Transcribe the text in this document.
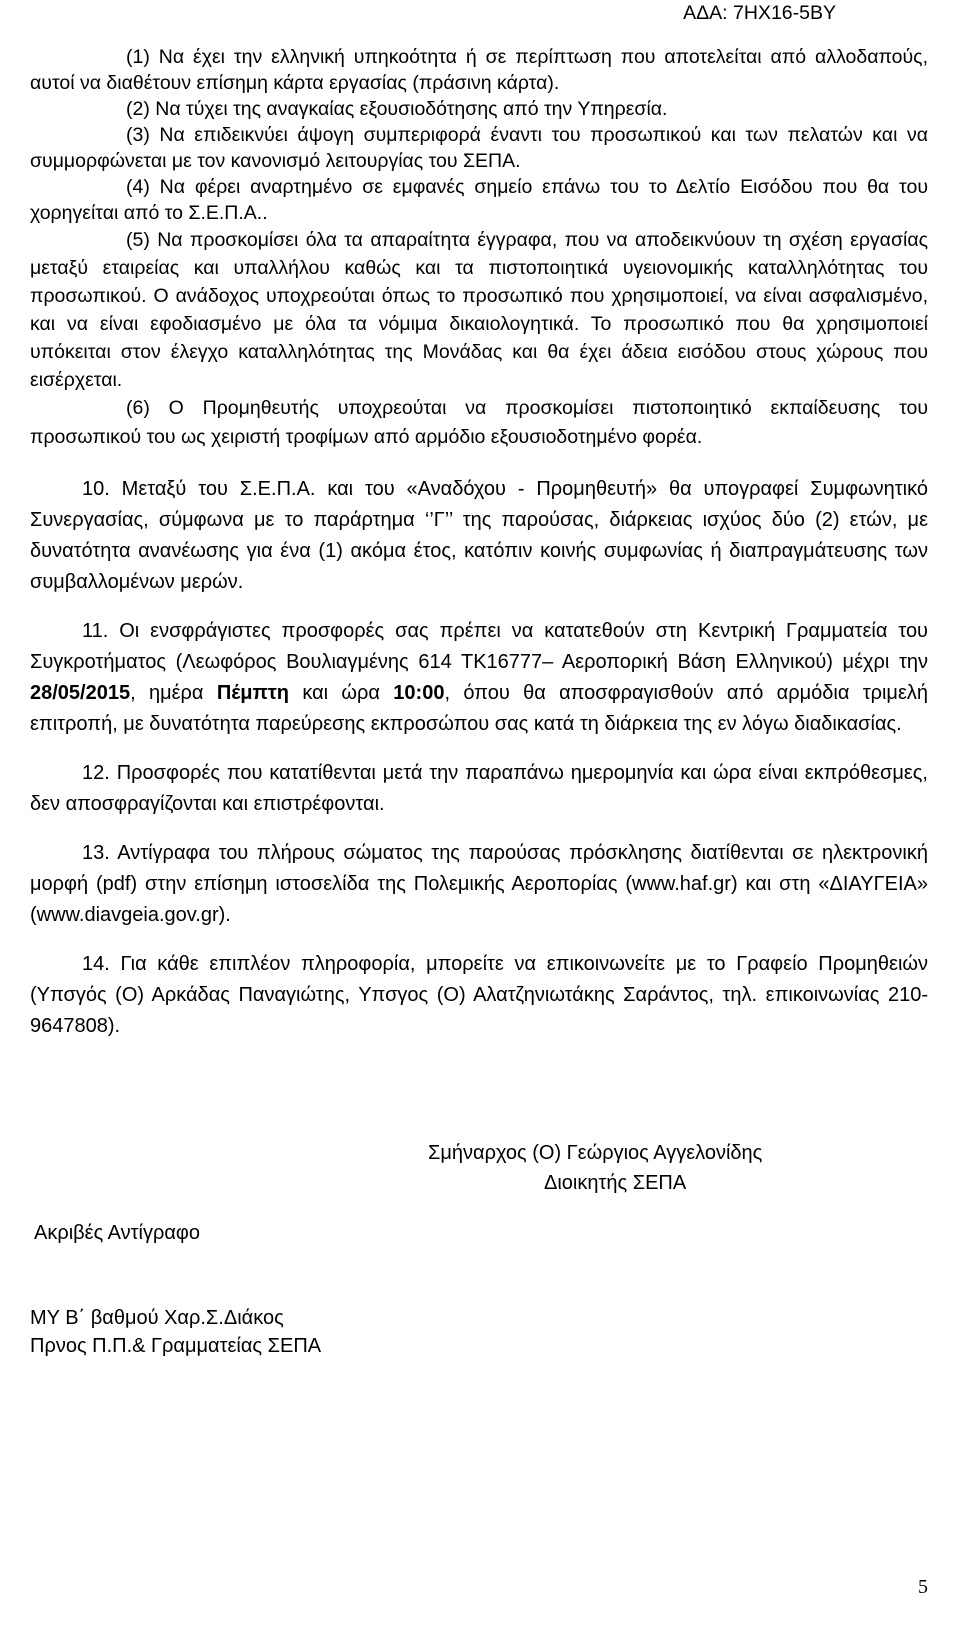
ΑΔΑ: 7ΗΧ16-5ΒΥ

(1) Να έχει την ελληνική υπηκοότητα ή σε περίπτωση που αποτελείται από αλλοδαπούς, αυτοί να διαθέτουν επίσημη κάρτα εργασίας (πράσινη κάρτα).

(2) Να τύχει της αναγκαίας εξουσιοδότησης από την Υπηρεσία.

(3) Να επιδεικνύει άψογη συμπεριφορά έναντι του προσωπικού και των πελατών και να συμμορφώνεται με τον κανονισμό λειτουργίας του ΣΕΠΑ.

(4) Να φέρει αναρτημένο σε εμφανές σημείο επάνω του το Δελτίο Εισόδου που θα του χορηγείται από το Σ.Ε.Π.Α..

(5) Να προσκομίσει όλα τα απαραίτητα έγγραφα, που να αποδεικνύουν τη σχέση εργασίας μεταξύ εταιρείας και υπαλλήλου καθώς και τα πιστοποιητικά υγειονομικής καταλληλότητας του προσωπικού. Ο ανάδοχος υποχρεούται όπως το προσωπικό που χρησιμοποιεί, να είναι ασφαλισμένο, και να είναι εφοδιασμένο με όλα τα νόμιμα δικαιολογητικά. Το προσωπικό που θα χρησιμοποιεί υπόκειται στον έλεγχο καταλληλότητας της Μονάδας και θα έχει άδεια εισόδου στους χώρους που εισέρχεται.

(6) Ο Προμηθευτής υποχρεούται να προσκομίσει πιστοποιητικό εκπαίδευσης του προσωπικού του ως χειριστή τροφίμων από αρμόδιο εξουσιοδοτημένο φορέα.

10. Μεταξύ του Σ.Ε.Π.Α. και του «Αναδόχου - Προμηθευτή» θα υπογραφεί Συμφωνητικό Συνεργασίας, σύμφωνα με το παράρτημα ‘’Γ’’ της παρούσας, διάρκειας ισχύος δύο (2) ετών, με δυνατότητα ανανέωσης για ένα (1) ακόμα έτος, κατόπιν κοινής συμφωνίας ή διαπραγμάτευσης των συμβαλλομένων μερών.

11. Οι ενσφράγιστες προσφορές σας πρέπει να κατατεθούν στη Κεντρική Γραμματεία του Συγκροτήματος (Λεωφόρος Βουλιαγμένης 614 ΤΚ16777– Αεροπορική Βάση Ελληνικού) μέχρι την 28/05/2015, ημέρα Πέμπτη και ώρα 10:00, όπου θα αποσφραγισθούν από αρμόδια τριμελή επιτροπή, με δυνατότητα παρεύρεσης εκπροσώπου σας κατά τη διάρκεια της εν λόγω διαδικασίας.

12. Προσφορές που κατατίθενται μετά την παραπάνω ημερομηνία και ώρα είναι εκπρόθεσμες, δεν αποσφραγίζονται και επιστρέφονται.

13. Αντίγραφα του πλήρους σώματος της παρούσας πρόσκλησης διατίθενται σε ηλεκτρονική μορφή (pdf) στην επίσημη ιστοσελίδα της Πολεμικής Αεροπορίας (www.haf.gr) και στη «ΔΙΑΥΓΕΙΑ» (www.diavgeia.gov.gr).

14. Για κάθε επιπλέον πληροφορία, μπορείτε να επικοινωνείτε με το Γραφείο Προμηθειών (Υπσγός (Ο) Αρκάδας Παναγιώτης, Υπσγος (Ο) Αλατζηνιωτάκης Σαράντος, τηλ. επικοινωνίας 210-9647808).

Σμήναρχος (Ο) Γεώργιος Αγγελονίδης
Διοικητής ΣΕΠΑ
Ακριβές Αντίγραφο
ΜΥ Β΄ βαθμού Χαρ.Σ.Διάκος
Πρνος Π.Π.& Γραμματείας ΣΕΠΑ
5
